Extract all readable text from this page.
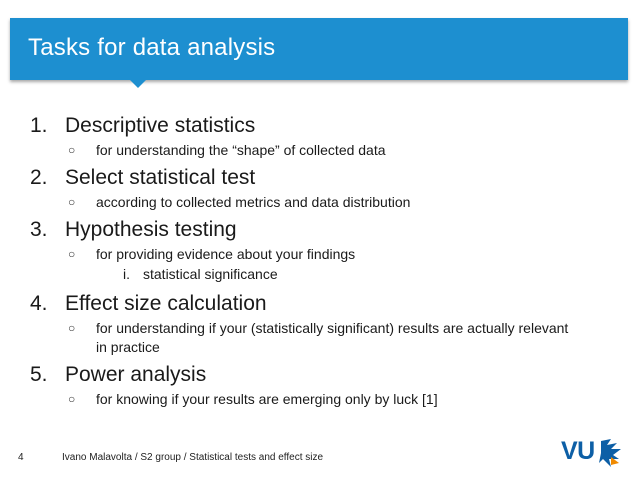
Tasks for data analysis
1. Descriptive statistics
○ for understanding the “shape” of collected data
2. Select statistical test
○ according to collected metrics and data distribution
3. Hypothesis testing
○ for providing evidence about your findings
i. statistical significance
4. Effect size calculation
○ for understanding if your (statistically significant) results are actually relevant in practice
5. Power analysis
○ for knowing if your results are emerging only by luck [1]
4	Ivano Malavolta / S2 group / Statistical tests and effect size	VU
